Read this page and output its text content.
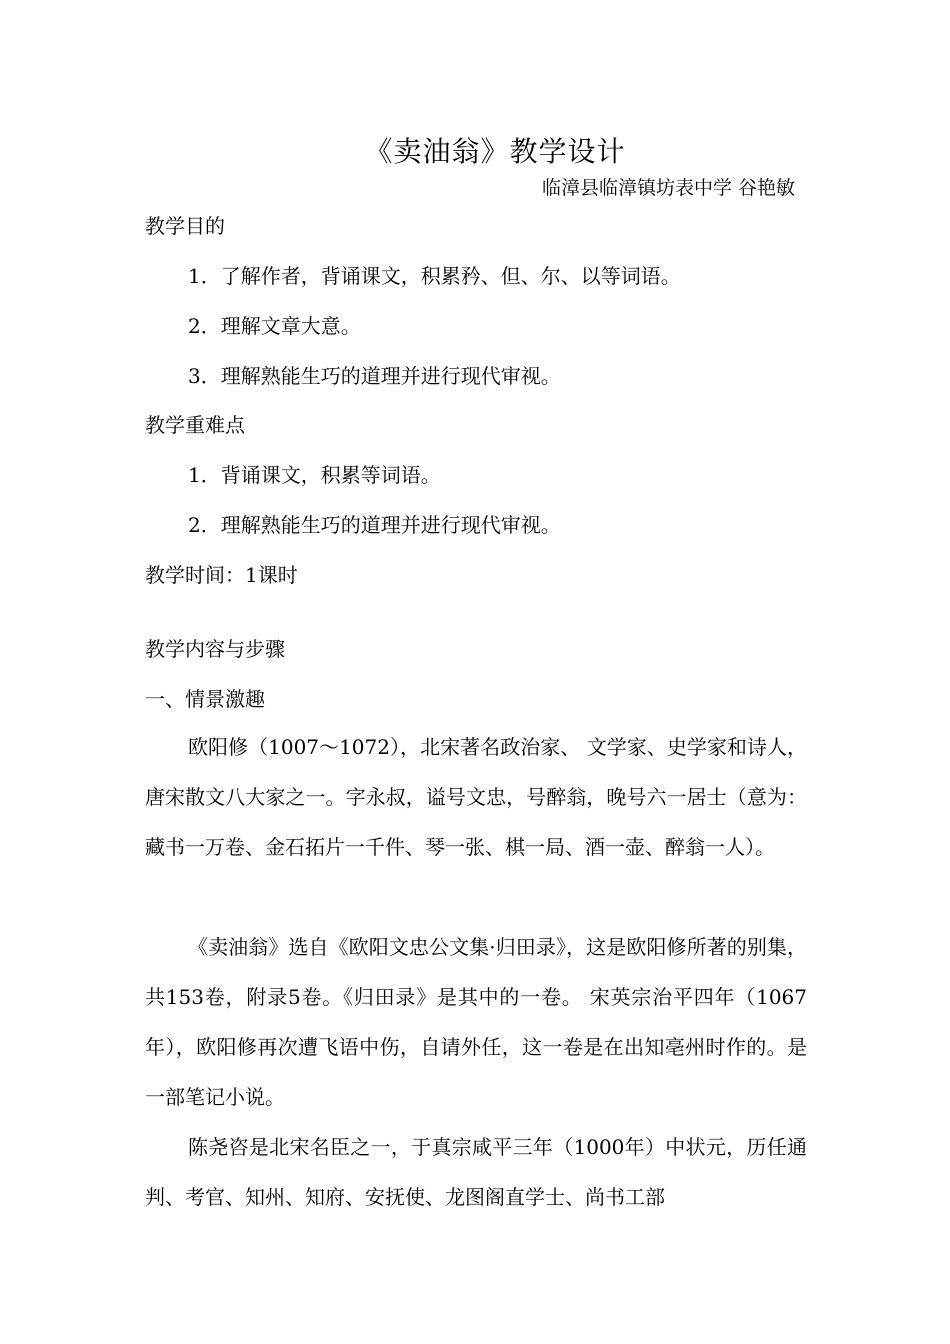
《卖油翁》教学设计
临漳县临漳镇坊表中学 谷艳敏
教学目的
1．了解作者，背诵课文，积累矜、但、尔、以等词语。
2．理解文章大意。
3．理解熟能生巧的道理并进行现代审视。
教学重难点
1．背诵课文，积累等词语。
2．理解熟能生巧的道理并进行现代审视。
教学时间：1课时
教学内容与步骤
一、情景激趣
欧阳修（1007～1072），北宋著名政治家、 文学家、史学家和诗人，唐宋散文八大家之一。字永叔，谥号文忠，号醉翁，晚号六一居士（意为：藏书一万卷、金石拓片一千件、琴一张、棋一局、酒一壶、醉翁一人）。
《卖油翁》选自《欧阳文忠公文集·归田录》，这是欧阳修所著的别集，共153卷，附录5卷。《归田录》是其中的一卷。 宋英宗治平四年（1067年），欧阳修再次遭飞语中伤，自请外任，这一卷是在出知亳州时作的。是一部笔记小说。
陈尧咨是北宋名臣之一，于真宗咸平三年（1000年）中状元，历任通判、考官、知州、知府、安抚使、龙图阁直学士、尚书工部
